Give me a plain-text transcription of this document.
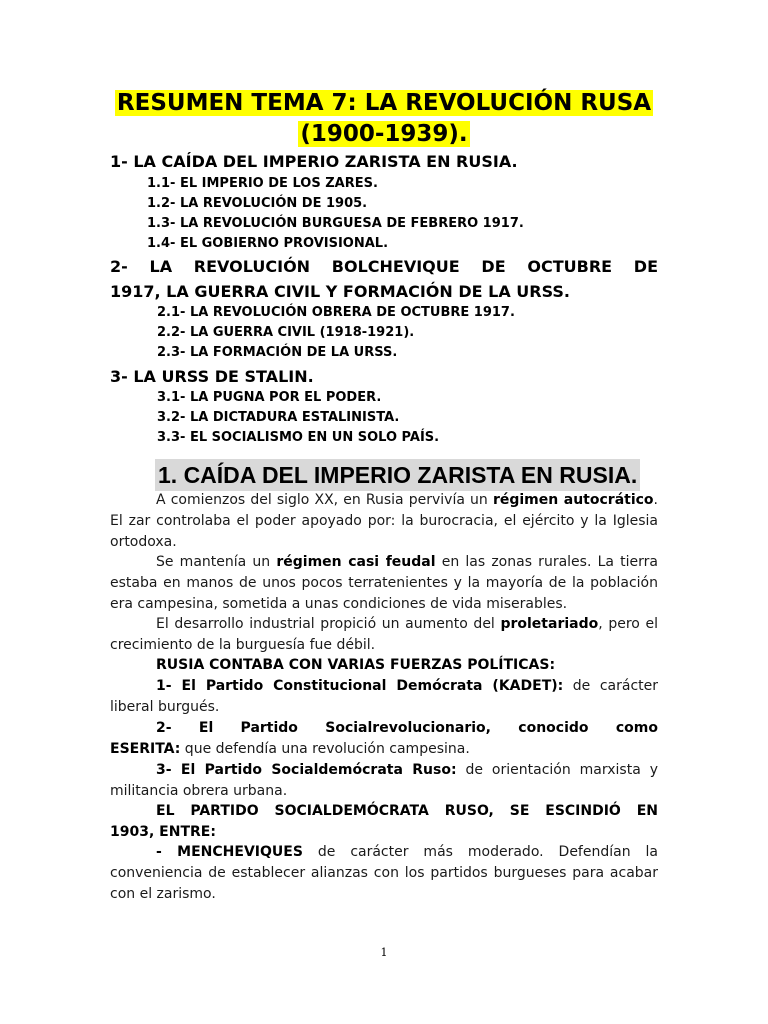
RESUMEN TEMA 7: LA REVOLUCIÓN RUSA
(1900-1939).
1- LA CAÍDA DEL IMPERIO ZARISTA EN RUSIA.
1.1- EL IMPERIO DE LOS ZARES.
1.2- LA REVOLUCIÓN DE 1905.
1.3- LA REVOLUCIÓN BURGUESA DE FEBRERO 1917.
1.4- EL GOBIERNO PROVISIONAL.
2- LA REVOLUCIÓN BOLCHEVIQUE DE OCTUBRE DE
1917, LA GUERRA CIVIL Y FORMACIÓN DE LA URSS.
2.1- LA REVOLUCIÓN OBRERA DE OCTUBRE 1917.
2.2- LA GUERRA CIVIL (1918-1921).
2.3- LA FORMACIÓN DE LA URSS.
3- LA URSS DE STALIN.
3.1- LA PUGNA POR EL PODER.
3.2- LA DICTADURA ESTALINISTA.
3.3- EL SOCIALISMO EN UN SOLO PAÍS.
1. CAÍDA DEL IMPERIO ZARISTA EN RUSIA.
A comienzos del siglo XX, en Rusia pervivía un régimen autocrático. El zar controlaba el poder apoyado por: la burocracia, el ejército y la Iglesia ortodoxa.
Se mantenía un régimen casi feudal en las zonas rurales. La tierra estaba en manos de unos pocos terratenientes y la mayoría de la población era campesina, sometida a unas condiciones de vida miserables.
El desarrollo industrial propició un aumento del proletariado, pero el crecimiento de la burguesía fue débil.
RUSIA CONTABA CON VARIAS FUERZAS POLÍTICAS:
1- El Partido Constitucional Demócrata (KADET): de carácter liberal burgués.
2- El Partido Socialrevolucionario, conocido como
ESERITA: que defendía una revolución campesina.
3- El Partido Socialdemócrata Ruso: de orientación marxista y militancia obrera urbana.
EL PARTIDO SOCIALDEMÓCRATA RUSO, SE ESCINDIÓ EN
1903, ENTRE:
- MENCHEVIQUES de carácter más moderado. Defendían la conveniencia de establecer alianzas con los partidos burgueses para acabar con el zarismo.
1
